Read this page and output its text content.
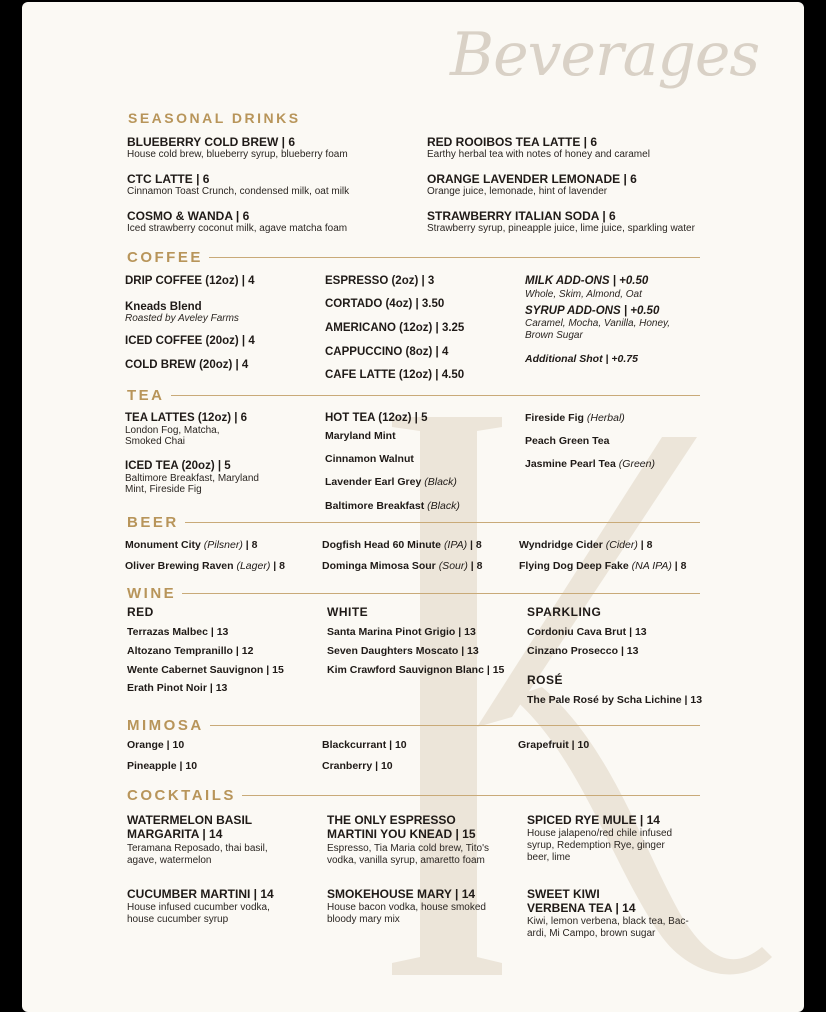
Beverages
SEASONAL DRINKS
BLUEBERRY COLD BREW | 6
House cold brew, blueberry syrup, blueberry foam
CTC LATTE | 6
Cinnamon Toast Crunch, condensed milk, oat milk
COSMO & WANDA | 6
Iced strawberry coconut milk, agave matcha foam
RED ROOIBOS TEA LATTE | 6
Earthy herbal tea with notes of honey and caramel
ORANGE LAVENDER LEMONADE | 6
Orange juice, lemonade, hint of lavender
STRAWBERRY ITALIAN SODA | 6
Strawberry syrup, pineapple juice, lime juice, sparkling water
COFFEE
DRIP COFFEE (12oz) | 4
Kneads Blend
Roasted by Aveley Farms
ICED COFFEE (20oz) | 4
COLD BREW (20oz) | 4
ESPRESSO (2oz) | 3
CORTADO (4oz) | 3.50
AMERICANO (12oz) | 3.25
CAPPUCCINO (8oz) | 4
CAFE LATTE (12oz) | 4.50
MILK ADD-ONS | +0.50
Whole, Skim, Almond, Oat
SYRUP ADD-ONS | +0.50
Caramel, Mocha, Vanilla, Honey,
Brown Sugar
Additional Shot | +0.75
TEA
TEA LATTES (12oz) | 6
London Fog, Matcha,
Smoked Chai
ICED TEA (20oz) | 5
Baltimore Breakfast, Maryland
Mint, Fireside Fig
HOT TEA (12oz) | 5
Maryland Mint
Cinnamon Walnut
Lavender Earl Grey (Black)
Baltimore Breakfast (Black)
Fireside Fig (Herbal)
Peach Green Tea
Jasmine Pearl Tea (Green)
BEER
Monument City (Pilsner) | 8
Oliver Brewing Raven (Lager) | 8
Dogfish Head 60 Minute (IPA) | 8
Dominga Mimosa Sour (Sour) | 8
Wyndridge Cider (Cider) | 8
Flying Dog Deep Fake (NA IPA) | 8
WINE
RED
Terrazas Malbec | 13
Altozano Tempranillo | 12
Wente Cabernet Sauvignon | 15
Erath Pinot Noir | 13
WHITE
Santa Marina Pinot Grigio | 13
Seven Daughters Moscato | 13
Kim Crawford Sauvignon Blanc | 15
SPARKLING
Cordoniu Cava Brut | 13
Cinzano Prosecco | 13
ROSÉ
The Pale Rosé by Scha Lichine | 13
MIMOSA
Orange | 10
Pineapple | 10
Blackcurrant | 10
Cranberry | 10
Grapefruit | 10
COCKTAILS
WATERMELON BASIL
MARGARITA | 14
Teramana Reposado, thai basil,
agave, watermelon
THE ONLY ESPRESSO
MARTINI YOU KNEAD | 15
Espresso, Tia Maria cold brew, Tito's
vodka, vanilla syrup, amaretto foam
SPICED RYE MULE | 14
House jalapeno/red chile infused
syrup, Redemption Rye, ginger
beer, lime
CUCUMBER MARTINI | 14
House infused cucumber vodka,
house cucumber syrup
SMOKEHOUSE MARY | 14
House bacon vodka, house smoked
bloody mary mix
SWEET KIWI
VERBENA TEA | 14
Kiwi, lemon verbena, black tea, Bac-
ardi, Mi Campo, brown sugar
